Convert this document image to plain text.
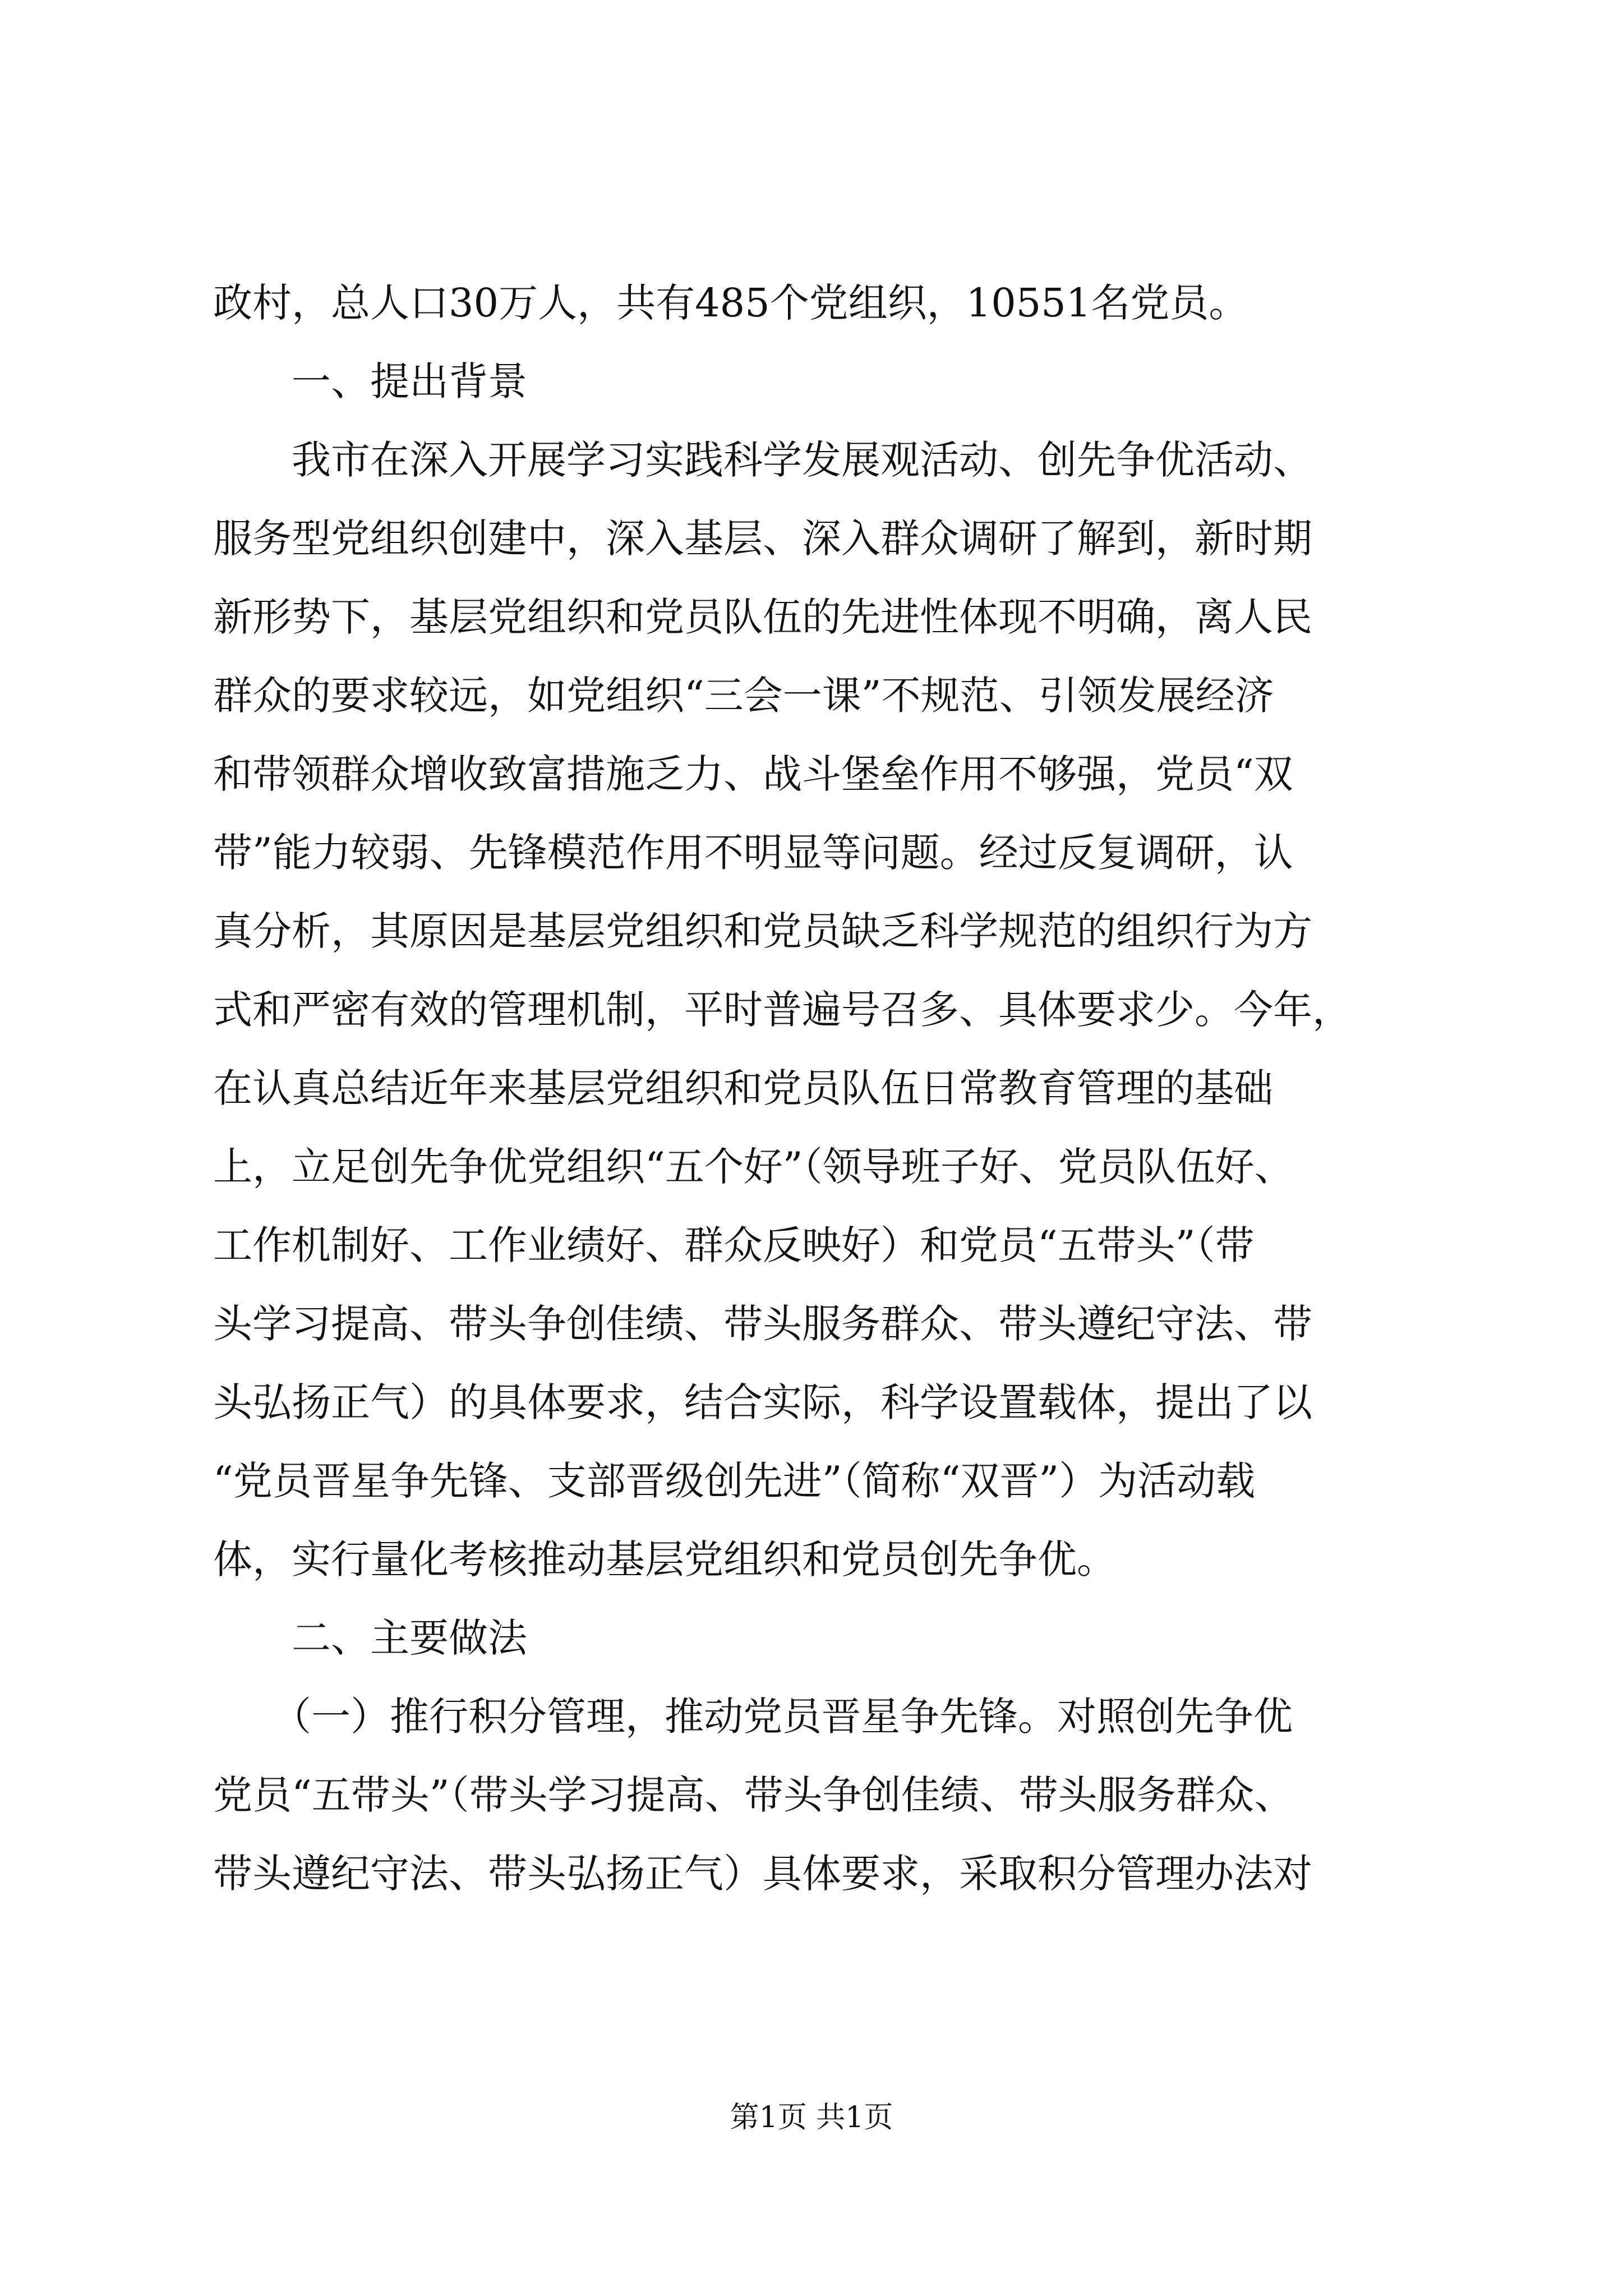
政村，总人口30万人，共有485个党组织，10551名党员。
　　一、提出背景
　　我市在深入开展学习实践科学发展观活动、创先争优活动、
服务型党组织创建中，深入基层、深入群众调研了解到，新时期
新形势下，基层党组织和党员队伍的先进性体现不明确，离人民
群众的要求较远，如党组织“三会一课”不规范、引领发展经济
和带领群众增收致富措施乏力、战斗堡垒作用不够强，党员“双
带”能力较弱、先锋模范作用不明显等问题。经过反复调研，认
真分析，其原因是基层党组织和党员缺乏科学规范的组织行为方
式和严密有效的管理机制，平时普遍号召多、具体要求少。今年，
在认真总结近年来基层党组织和党员队伍日常教育管理的基础
上，立足创先争优党组织“五个好”（领导班子好、党员队伍好、
工作机制好、工作业绩好、群众反映好）和党员“五带头”（带
头学习提高、带头争创佳绩、带头服务群众、带头遵纪守法、带
头弘扬正气）的具体要求，结合实际，科学设置载体，提出了以
“党员晋星争先锋、支部晋级创先进”（简称“双晋”）为活动载
体，实行量化考核推动基层党组织和党员创先争优。
　　二、主要做法
　　（一）推行积分管理，推动党员晋星争先锋。对照创先争优
党员“五带头”（带头学习提高、带头争创佳绩、带头服务群众、
带头遵纪守法、带头弘扬正气）具体要求，采取积分管理办法对
第1页 共1页
